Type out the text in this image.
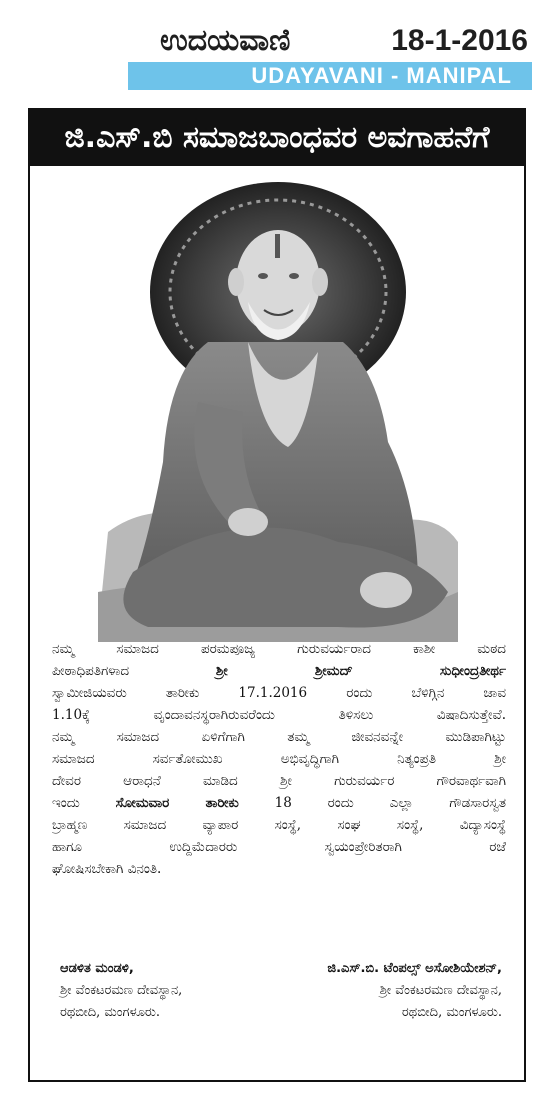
ಉದಯವಾಣಿ	18-1-2016
UDAYAVANI - MANIPAL
ಜಿ.ಎಸ್.ಬಿ ಸಮಾಜಬಾಂಧವರ ಅವಗಾಹನೆಗೆ
ನಮ್ಮ ಸಮಾಜದ ಪರಮಪೂಜ್ಯ ಗುರುವರ್ಯರಾದ ಕಾಶೀ ಮಠದ
ಪೀಠಾಧಿಪತಿಗಳಾದ	ಶ್ರೀ ಶ್ರೀಮದ್ ಸುಧೀಂದ್ರತೀರ್ಥ
ಸ್ವಾಮೀಜಿಯವರು ತಾರೀಕು 17.1.2016 ರಂದು ಬೆಳಿಗ್ಗಿನ ಜಾವ
1.10ಕ್ಕೆ ವೃಂದಾವನಸ್ಥರಾಗಿರುವರೆಂದು ತಿಳಿಸಲು ವಿಷಾದಿಸುತ್ತೇವೆ.
ನಮ್ಮ ಸಮಾಜದ ಏಳಿಗೆಗಾಗಿ ತಮ್ಮ ಜೀವನವನ್ನೇ ಮುಡಿಪಾಗಿಟ್ಟು
ಸಮಾಜದ ಸರ್ವತೋಮುಖ ಅಭಿವೃದ್ಧಿಗಾಗಿ ನಿತ್ಯಂಪ್ರತಿ ಶ್ರೀ
ದೇವರ ಆರಾಧನೆ ಮಾಡಿದ ಶ್ರೀ ಗುರುವರ್ಯರ ಗೌರವಾರ್ಥವಾಗಿ
ಇಂದು	ಸೋಮವಾರ ತಾರೀಕು	18 ರಂದು ಎಲ್ಲಾ ಗೌಡಸಾರಸ್ವತ
ಬ್ರಾಹ್ಮಣ ಸಮಾಜದ ವ್ಯಾಪಾರ ಸಂಸ್ಥೆ, ಸಂಘ ಸಂಸ್ಥೆ, ವಿದ್ಯಾಸಂಸ್ಥೆ
ಹಾಗೂ ಉದ್ದಿಮೆದಾರರು ಸ್ವಯಂಪ್ರೇರಿತರಾಗಿ ರಜೆ
ಘೋಷಿಸಬೇಕಾಗಿ ವಿನಂತಿ.
ಆಡಳಿತ ಮಂಡಳಿ,
ಶ್ರೀ ವೆಂಕಟರಮಣ ದೇವಸ್ಥಾನ,
ರಥಬೀದಿ, ಮಂಗಳೂರು.
ಜಿ.ಎಸ್.ಬಿ. ಟೆಂಪಲ್ಸ್ ಅಸೋಶಿಯೇಶನ್,
ಶ್ರೀ ವೆಂಕಟರಮಣ ದೇವಸ್ಥಾನ,
ರಥಬೀದಿ, ಮಂಗಳೂರು.
